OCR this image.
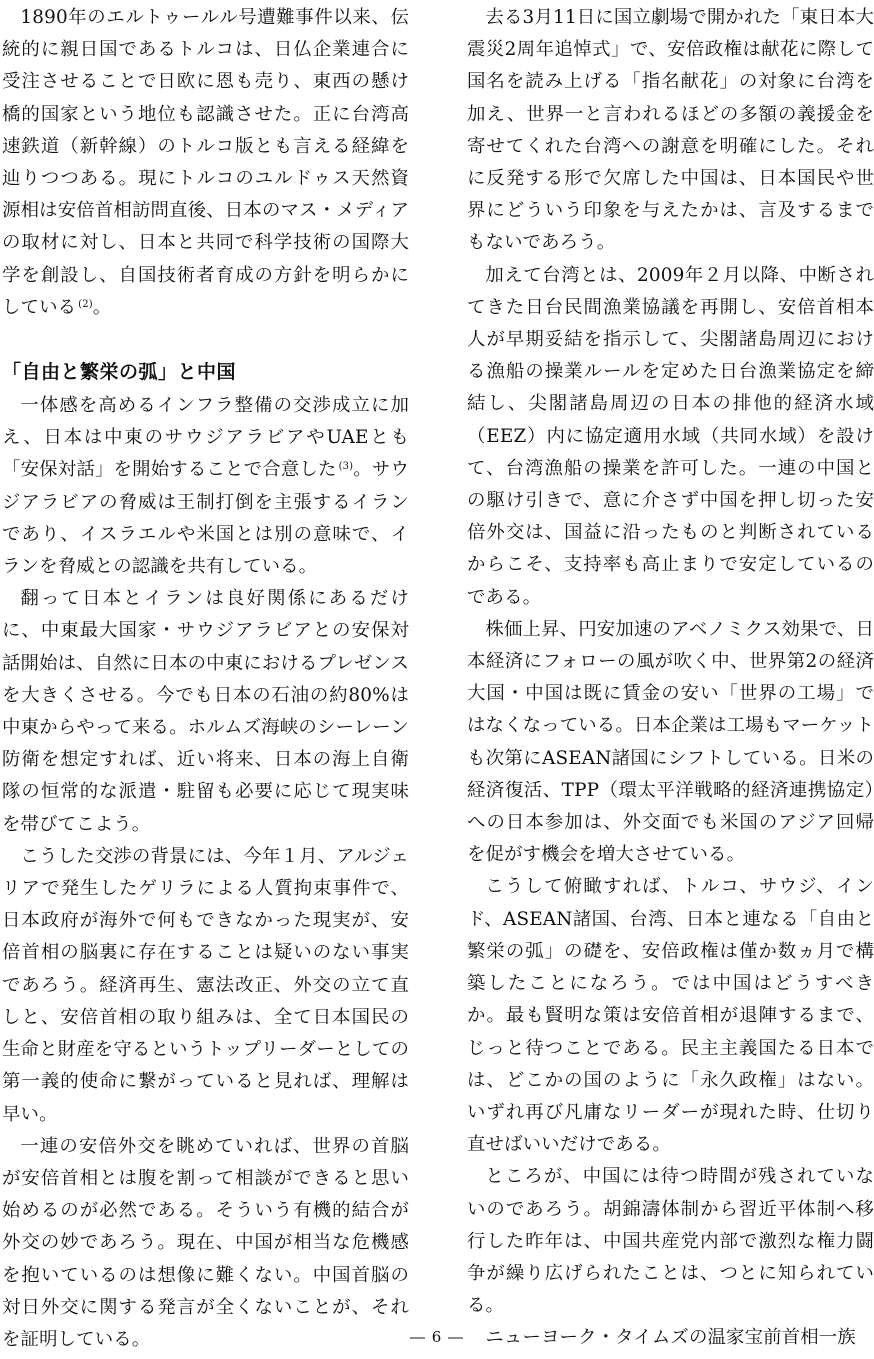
1890年のエルトゥールル号遭難事件以来、伝統的に親日国であるトルコは、日仏企業連合に受注させることで日欧に恩も売り、東西の懸け橋的国家という地位も認識させた。正に台湾高速鉄道（新幹線）のトルコ版とも言える経緯を辿りつつある。現にトルコのユルドゥス天然資源相は安倍首相訪問直後、日本のマス・メディアの取材に対し、日本と共同で科学技術の国際大学を創設し、自国技術者育成の方針を明らかにしている $^{(2)}$。

「自由と繁栄の弧」と中国

一体感を高めるインフラ整備の交渉成立に加え、日本は中東のサウジアラビアやUAEとも「安保対話」を開始することで合意した $^{(3)}$。サウジアラビアの脅威は王制打倒を主張するイランであり、イスラエルや米国とは別の意味で、イランを脅威との認識を共有している。

翻って日本とイランは良好関係にあるだけに、中東最大国家・サウジアラビアとの安保対話開始は、自然に日本の中東におけるプレゼンスを大きくさせる。今でも日本の石油の約80%は中東からやって来る。ホルムズ海峡のシーレーン防衛を想定すれば、近い将来、日本の海上自衛隊の恒常的な派遣・駐留も必要に応じて現実味を帯びてこよう。

こうした交渉の背景には、今年１月、アルジェリアで発生したゲリラによる人質拘束事件で、日本政府が海外で何もできなかった現実が、安倍首相の脳裏に存在することは疑いのない事実であろう。経済再生、憲法改正、外交の立て直しと、安倍首相の取り組みは、全て日本国民の生命と財産を守るというトップリーダーとしての第一義的使命に繋がっていると見れば、理解は早い。

一連の安倍外交を眺めていれば、世界の首脳が安倍首相とは腹を割って相談ができると思い始めるのが必然である。そういう有機的結合が外交の妙であろう。現在、中国が相当な危機感を抱いているのは想像に難くない。中国首脳の対日外交に関する発言が全くないことが、それを証明している。

去る3月11日に国立劇場で開かれた「東日本大震災2周年追悼式」で、安倍政権は献花に際して国名を読み上げる「指名献花」の対象に台湾を加え、世界一と言われるほどの多額の義援金を寄せてくれた台湾への謝意を明確にした。それに反発する形で欠席した中国は、日本国民や世界にどういう印象を与えたかは、言及するまでもないであろう。

加えて台湾とは、2009年２月以降、中断されてきた日台民間漁業協議を再開し、安倍首相本人が早期妥結を指示して、尖閣諸島周辺における漁船の操業ルールを定めた日台漁業協定を締結し、尖閣諸島周辺の日本の排他的経済水域（EEZ）内に協定適用水域（共同水域）を設けて、台湾漁船の操業を許可した。一連の中国との駆け引きで、意に介さず中国を押し切った安倍外交は、国益に沿ったものと判断されているからこそ、支持率も高止まりで安定しているのである。

株価上昇、円安加速のアベノミクス効果で、日本経済にフォローの風が吹く中、世界第2の経済大国・中国は既に賃金の安い「世界の工場」ではなくなっている。日本企業は工場もマーケットも次第にASEAN諸国にシフトしている。日米の経済復活、TPP（環太平洋戦略的経済連携協定）への日本参加は、外交面でも米国のアジア回帰を促がす機会を増大させている。

こうして俯瞰すれば、トルコ、サウジ、インド、ASEAN諸国、台湾、日本と連なる「自由と繁栄の弧」の礎を、安倍政権は僅か数ヵ月で構築したことになろう。では中国はどうすべきか。最も賢明な策は安倍首相が退陣するまで、じっと待つことである。民主主義国たる日本では、どこかの国のように「永久政権」はない。いずれ再び凡庸なリーダーが現れた時、仕切り直せばいいだけである。

ところが、中国には待つ時間が残されていないのであろう。胡錦濤体制から習近平体制へ移行した昨年は、中国共産党内部で激烈な権力闘争が繰り広げられたことは、つとに知られている。

ニューヨーク・タイムズの温家宝前首相一族

― 6 ―
